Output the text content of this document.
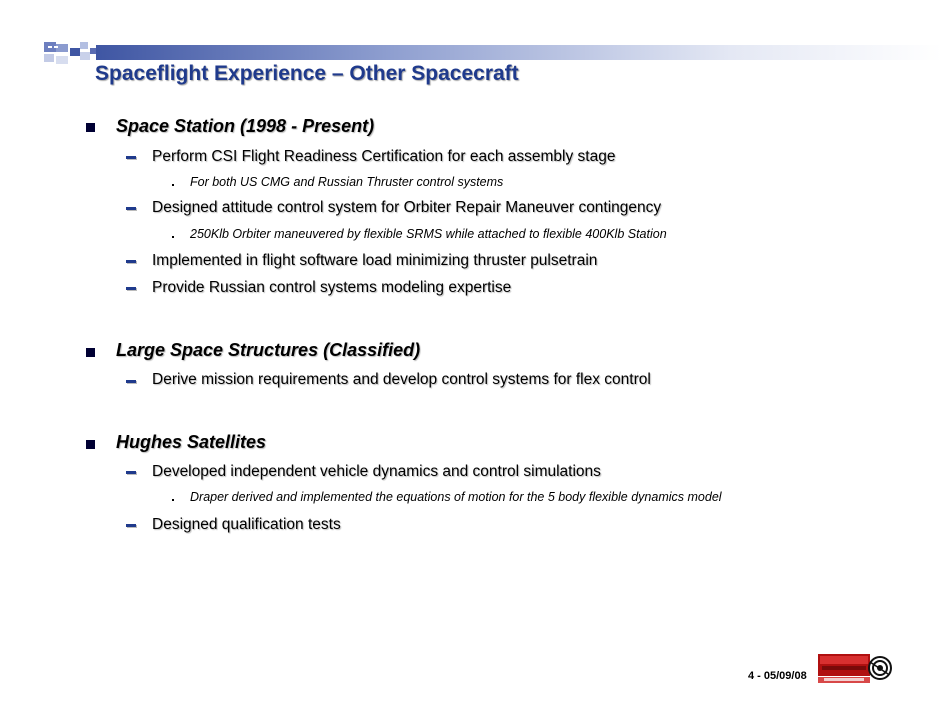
Spaceflight Experience – Other Spacecraft
Space Station (1998 - Present)
Perform CSI Flight Readiness Certification for each assembly stage
For both US CMG and Russian Thruster control systems
Designed attitude control system for Orbiter Repair Maneuver contingency
250Klb Orbiter maneuvered by flexible SRMS while attached to flexible 400Klb Station
Implemented in flight software load minimizing thruster pulsetrain
Provide Russian control systems modeling expertise
Large Space Structures (Classified)
Derive mission requirements and develop control systems for flex control
Hughes Satellites
Developed independent vehicle dynamics and control simulations
Draper derived and implemented the equations of motion for the 5 body flexible dynamics model
Designed qualification tests
4 - 05/09/08
